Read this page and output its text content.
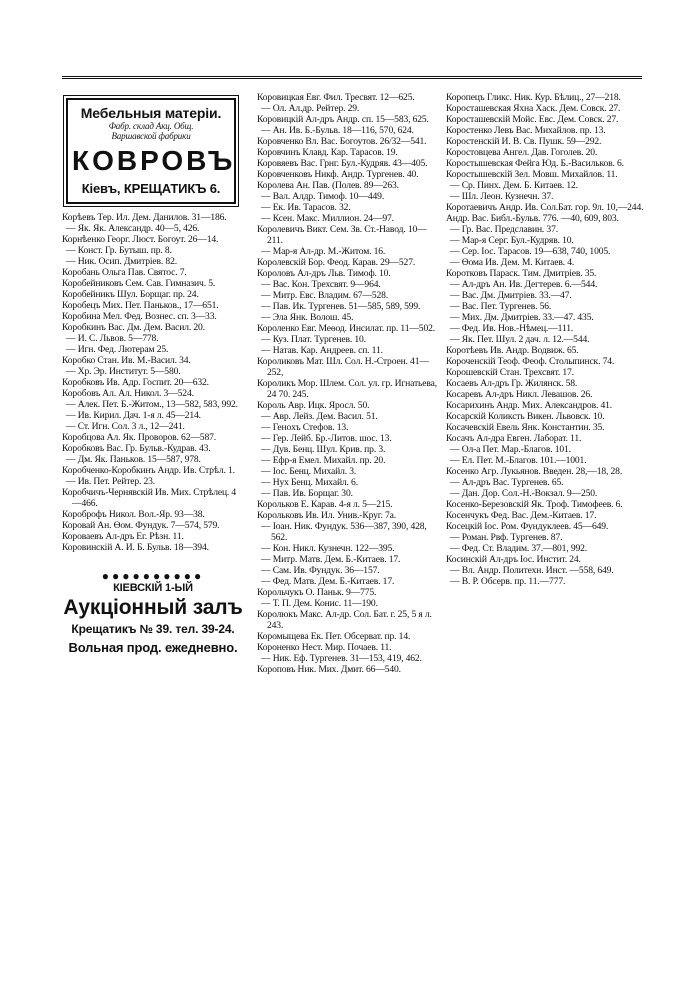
Мебельныя матеріи.
Фабр. склад Акц. Общ.
Варшавской фабрики
КОВРОВЪ
Кіевъ, КРЕЩАТИКЪ 6.
Корѣевъ Тер. Ил. Дем. Данилов. 31—186.
— Як. Як. Александр. 40—5, 426.
Корнѣенко Георг. Люст. Богоут. 26—14.
— Конст. Гр. Бутыш. пр. 8.
— Ник. Осип. Дмитріев. 82.
Коробань Ольга Пав. Святос. 7.
Коробейниковъ Сем. Сав. Гимназич. 5.
Коробейникъ Шул. Борщаг. пр. 24.
Коробецъ Мих. Пет. Паньков., 17—651.
Коробина Мел. Фед. Вознес. сп. 3—33.
Коробкинъ Вас. Дм. Дем. Васил. 20.
— И. С. Львов. 5—778.
— Игн. Фед. Лютерам 25.
Коробко Стан. Ив. М.-Васил. 34.
— Хр. Эр. Институт. 5—580.
Коробковъ Ив. Адр. Госпит. 20—632.
Коробовъ Ал. Ал. Никол. 3—524.
— Алек. Пет. Б.-Житом., 13—582, 583, 992.
— Ив. Кирил. Дач. 1-я л. 45—214.
— Ст. Игн. Сол. 3 л., 12—241.
Коробцова Ал. Як. Проворов. 62—587.
Коробковъ Вас. Гр. Бульв.-Кудрав. 43.
— Дм. Як. Паньков. 15—587, 978.
Коробченко-Коробкинъ Андр. Ив. Стрѣл. 1.
— Ив. Пет. Рейтер. 23.
Коробчичъ-Чернявскій Ив. Мих. Стрѣлец. 4—466.
Короброфъ Никол. Вол.-Яр. 93—38.
Коровай Ан. Ѳом. Фундук. 7—574, 579.
Короваевъ Ал-дръ Ег. Рѣзн. 11.
Коровинскій А. И. Б. Бульв. 18—394.
●●●●●●●●●●
КІЕВСКІЙ 1-ЫЙ
Аукціонный залъ
Крещатикъ № 39. тел. 39-24.
Вольная прод. ежедневно.
Коровицкая Евг. Фил. Тресвят. 12—625.
— Ол. Ал.др. Рейтер. 29.
Коровицкій Ал-дръ Андр. сп. 15—583, 625.
— Ан. Ив. Б.-Бульв. 18—116, 570, 624.
Коровченко Вл. Вас. Богоутов. 26/32—541.
Коровчинъ Клавд. Кар. Тарасов. 19.
Коровяевъ Вас. Грнг. Бул.-Кудряв. 43—405.
Коровченковъ Никф. Андр. Тургенев. 40.
Королева Ан. Пав. (Полев. 89—263.
— Вал. Алдр. Тимоф. 10—449.
— Ек. Ив. Тарасов. 32.
— Ксен. Макс. Миллион. 24—97.
Королевичъ Викт. Сем. Зв. Ст.-Навод. 10—211.
— Мар-я Ал-др. М.-Житом. 16.
Королевскій Бор. Феод. Карав. 29—527.
Короловъ Ал-дръ Льв. Тимоф. 10.
— Вас. Кон. Трехсвят. 9—964.
— Митр. Евс. Владим. 67—528.
— Пав. Ик. Тургенев. 51—585, 589, 599.
— Эла Янк. Волош. 45.
Короленко Евг. Меѳод. Инсилат. пр. 11—502.
— Куз. Плат. Тургенев. 10.
— Натав. Кар. Андреев. сп. 11.
Короликовъ Мат. Шл. Сол. Н.-Строен. 41—252,
Короликъ Мор. Шлем. Сол. ул. гр. Игнатьева, 24 70. 245.
Король Авр. Ицк. Яросл. 50.
— Авр. Лейз. Дем. Васил. 51.
— Геноxъ Стефов. 13.
— Гер. Лейб. Бр.-Литов. шос. 13.
— Дув. Бенц. Шул. Крив. пр. 3.
— Ефр-я Емел. Михайл. пр. 20.
— Іос. Бенц. Михайл. 3.
— Нух Бенц. Михайл. 6.
— Пав. Ив. Борщаг. 30.
Корольков Е. Карав. 4-я л. 5—215.
Корольковъ Ив. Ил. Унив.-Круг. 7а.
— Іоан. Ник. Фундук. 536—387, 390, 428, 562.
— Кон. Никл. Кузнечн. 122—395.
— Митр. Матв. Дем. Б.-Китаев. 17.
— Сам. Ив. Фундук. 36—157.
— Фед. Матв. Дем. Б.-Китаев. 17.
Корольчукъ О. Паньк. 9—775.
— Т. П. Дем. Конис. 11—190.
Королюкъ Макс. Ал-др. Сол. Бат. г. 25, 5 я л. 243.
Коромыщева Ек. Пет. Обсерват. пр. 14.
Короненко Нест. Мир. Почаев. 11.
— Ник. Еф. Тургенев. 31—153, 419, 462.
Короповъ Ник. Мих. Дмит. 66—540.
Коропецъ Гликс. Ник. Кур. Бѣлиц., 27—218.
Коросташевская Яхна Хаск. Дем. Совск. 27.
Коросташевскій Мойс. Евс. Дем. Совск. 27.
Коростенко Левъ Вас. Михайлов. пр. 13.
Коростенскій И. В. Св. Пушк. 59—292.
Коростовцева Ангел. Дав. Гоголев. 20.
Коростышевская Фейга Юд. Б.-Васильков. 6.
Коростышевскій Зел. Мовш. Михайлов. 11.
— Ср. Пинх. Дем. Б. Китаев. 12.
— Шл. Леон. Кузнечн. 37.
Коротаевичъ Андр. Ив. Сол.Бат. гор. 9л. 10,—244.
Андр. Вас. Библ.-Бульв. 776. —40, 609, 803.
— Гр. Вас. Предславин. 37.
— Мар-я Серг. Бул.-Кудряв. 10.
— Сер. Іос. Тарасов. 19—638, 740, 1005.
— Ѳома Ив. Дем. М. Китаев. 4.
Коротковъ Параск. Тим. Дмитріев. 35.
— Ал-дръ Ан. Ив. Дегтерев. 6.—544.
— Вас. Дм. Дмитріев. 33.—47.
— Вас. Пет. Тургенев. 56.
— Мих. Дм. Дмитріев. 33.—47. 435.
— Фед. Ив. Нов.-Нѣмец.—111.
— Як. Пет. Шул. 2 дач. л. 12.—544.
Коротѣевъ Ив. Андр. Водвиж. 65.
Короченскій Теоф. Феоф. Столыпинск. 74.
Корошевскій Стан. Трехсвят. 17.
Косаевъ Ал-дръ Гр. Жилянск. 58.
Косаревъ Ал-дръ Никл. Левашов. 26.
Косарихинъ Андр. Мих. Александров. 41.
Косарскій Коликсть Викен. Львовск. 10.
Косачевскій Евель Янк. Константин. 35.
Косачъ Ал-дра Евген. Лаборат. 11.
— Ол-а Пет. Мар.-Благов. 101.
— Ел. Пет. М.-Благов. 101.—1001.
Косенко Агр. Лукьянов. Введен. 28,—18, 28.
— Ал-дръ Вас. Тургенев. 65.
— Дан. Дор. Сол.-Н.-Вокзал. 9—250.
Косенко-Березовскій Як. Троф. Тимофеев. 6.
Косенчукъ Фед. Вас. Дем.-Китаев. 17.
Косецкій Іос. Ром. Фундуклеев. 45—649.
— Роман. Рвф. Тургенев. 87.
— Фед. Ст. Владим. 37.—801, 992.
Косинскій Ал-дръ Іос. Инстит. 24.
— Вл. Андр. Политехн. Инст. —558, 649.
— В. Р. Обсерв. пр. 11.—777.
